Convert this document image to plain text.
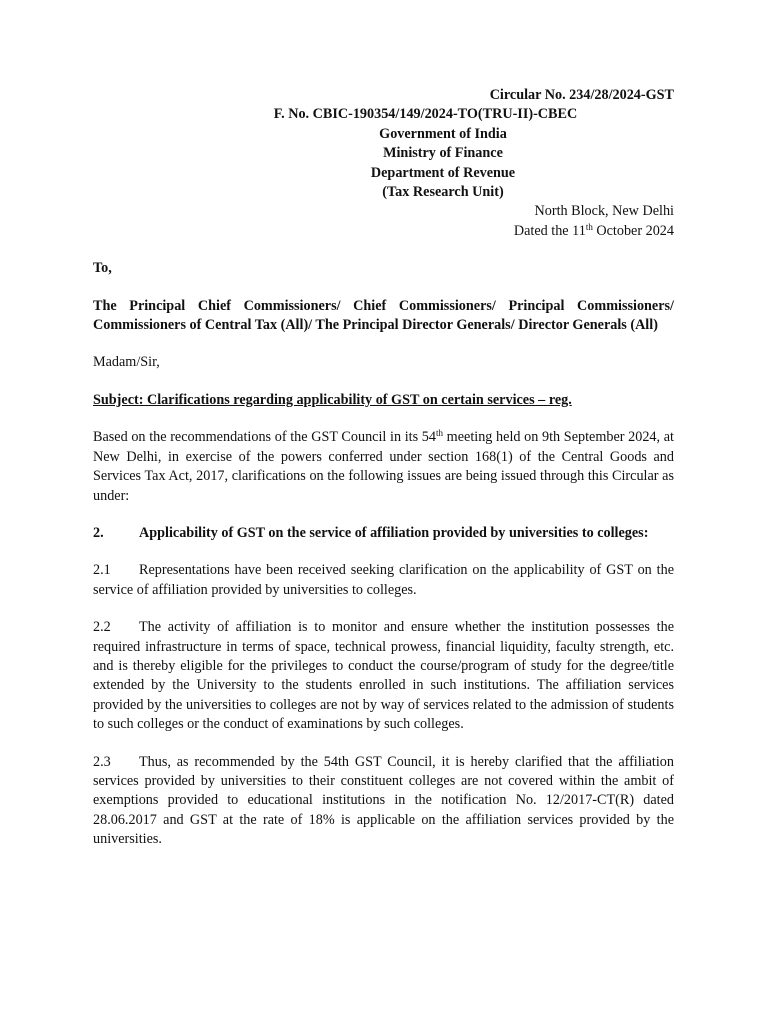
Circular No. 234/28/2024-GST

F. No. CBIC-190354/149/2024-TO(TRU-II)-CBEC

Government of India

Ministry of Finance

Department of Revenue

(Tax Research Unit)

North Block, New Delhi

Dated the 11th October 2024

To,

The Principal Chief Commissioners/ Chief Commissioners/ Principal Commissioners/ Commissioners of Central Tax (All)/ The Principal Director Generals/ Director Generals (All)

Madam/Sir,

Subject: Clarifications regarding applicability of GST on certain services – reg.

Based on the recommendations of the GST Council in its 54th meeting held on 9th September 2024, at New Delhi, in exercise of the powers conferred under section 168(1) of the Central Goods and Services Tax Act, 2017, clarifications on the following issues are being issued through this Circular as under:

2. Applicability of GST on the service of affiliation provided by universities to colleges:

2.1 Representations have been received seeking clarification on the applicability of GST on the service of affiliation provided by universities to colleges.

2.2 The activity of affiliation is to monitor and ensure whether the institution possesses the required infrastructure in terms of space, technical prowess, financial liquidity, faculty strength, etc. and is thereby eligible for the privileges to conduct the course/program of study for the degree/title extended by the University to the students enrolled in such institutions. The affiliation services provided by the universities to colleges are not by way of services related to the admission of students to such colleges or the conduct of examinations by such colleges.

2.3 Thus, as recommended by the 54th GST Council, it is hereby clarified that the affiliation services provided by universities to their constituent colleges are not covered within the ambit of exemptions provided to educational institutions in the notification No. 12/2017-CT(R) dated 28.06.2017 and GST at the rate of 18% is applicable on the affiliation services provided by the universities.
